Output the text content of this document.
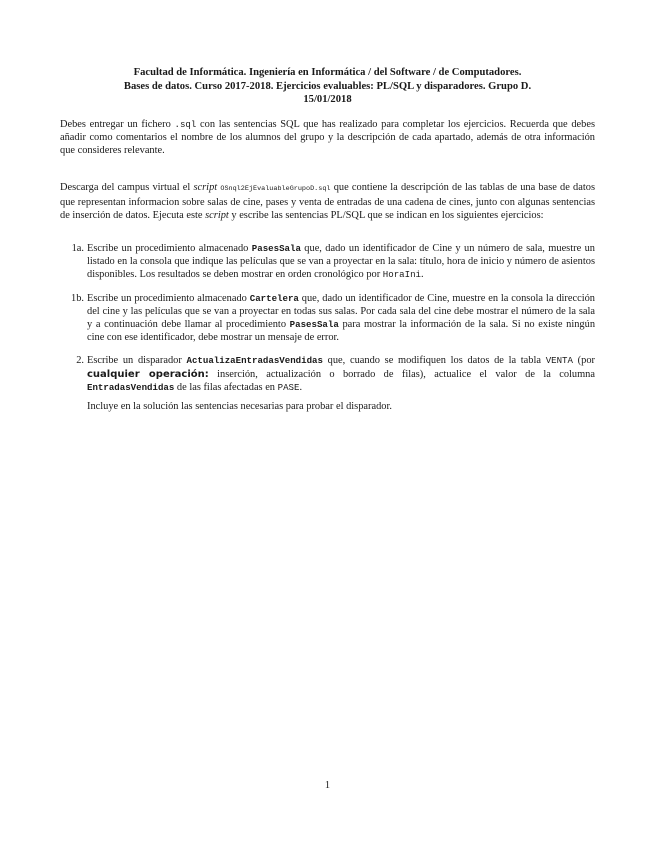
Facultad de Informática. Ingeniería en Informática / del Software / de Computadores.
Bases de datos. Curso 2017-2018. Ejercicios evaluables: PL/SQL y disparadores. Grupo D.
15/01/2018
Debes entregar un fichero .sql con las sentencias SQL que has realizado para completar los ejercicios. Recuerda que debes añadir como comentarios el nombre de los alumnos del grupo y la descripción de cada apartado, además de otra información que consideres relevante.
Descarga del campus virtual el script OSnql2EjEvaluableGrupoD.sql que contiene la descripción de las tablas de una base de datos que representan informacion sobre salas de cine, pases y venta de entradas de una cadena de cines, junto con algunas sentencias de inserción de datos. Ejecuta este script y escribe las sentencias PL/SQL que se indican en los siguientes ejercicios:
1a. Escribe un procedimiento almacenado PasesSala que, dado un identificador de Cine y un número de sala, muestre un listado en la consola que indique las películas que se van a proyectar en la sala: título, hora de inicio y número de asientos disponibles. Los resultados se deben mostrar en orden cronológico por HoraIni.

1b. Escribe un procedimiento almacenado Cartelera que, dado un identificador de Cine, muestre en la consola la dirección del cine y las películas que se van a proyectar en todas sus salas. Por cada sala del cine debe mostrar el número de la sala y a continuación debe llamar al procedimiento PasesSala para mostrar la información de la sala. Si no existe ningún cine con ese identificador, debe mostrar un mensaje de error.

2. Escribe un disparador ActualizaEntradasVendidas que, cuando se modifiquen los datos de la tabla VENTA (por cualquier operación: inserción, actualización o borrado de filas), actualice el valor de la columna EntradasVendidas de las filas afectadas en PASE.

Incluye en la solución las sentencias necesarias para probar el disparador.

1
